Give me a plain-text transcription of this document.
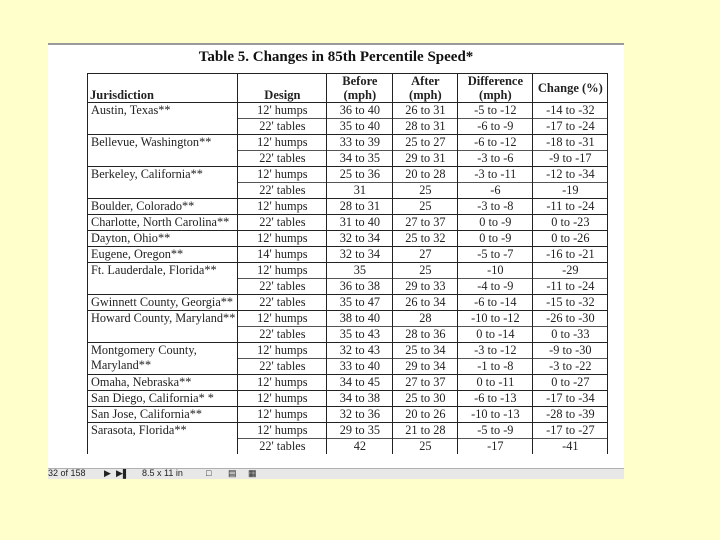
Table 5. Changes in 85th Percentile Speed*
Jurisdiction	Design	Before (mph)	After (mph)	Difference (mph)	Change (%)
Austin, Texas**	12' humps	36 to 40	26 to 31	-5 to -12	-14 to -32
	22' tables	35 to 40	28 to 31	-6 to -9	-17 to -24
Bellevue, Washington**	12' humps	33 to 39	25 to 27	-6 to -12	-18 to -31
	22' tables	34 to 35	29 to 31	-3 to -6	-9 to -17
Berkeley, California**	12' humps	25 to 36	20 to 28	-3 to -11	-12 to -34
	22' tables	31	25	-6	-19
Boulder, Colorado**	12' humps	28 to 31	25	-3 to -8	-11 to -24
Charlotte, North Carolina**	22' tables	31 to 40	27 to 37	0 to -9	0 to -23
Dayton, Ohio**	12' humps	32 to 34	25 to 32	0 to -9	0 to -26
Eugene, Oregon**	14' humps	32 to 34	27	-5 to -7	-16 to -21
Ft. Lauderdale, Florida**	12' humps	35	25	-10	-29
	22' tables	36 to 38	29 to 33	-4 to -9	-11 to -24
Gwinnett County, Georgia**	22' tables	35 to 47	26 to 34	-6 to -14	-15 to -32
Howard County, Maryland**	12' humps	38 to 40	28	-10 to -12	-26 to -30
	22' tables	35 to 43	28 to 36	0 to -14	0 to -33
Montgomery County, Maryland**	12' humps	32 to 43	25 to 34	-3 to -12	-9 to -30
	22' tables	33 to 40	29 to 34	-1 to -8	-3 to -22
Omaha, Nebraska**	12' humps	34 to 45	27 to 37	0 to -11	0 to -27
San Diego, California* *	12' humps	34 to 38	25 to 30	-6 to -13	-17 to -34
San Jose, California**	12' humps	32 to 36	20 to 26	-10 to -13	-28 to -39
Sarasota, Florida**	12' humps	29 to 35	21 to 28	-5 to -9	-17 to -27
	22' tables	42	25	-17	-41
32 of 158 ▶ ▶▌ 8.5 x 11 in	□ ▤ ▦
